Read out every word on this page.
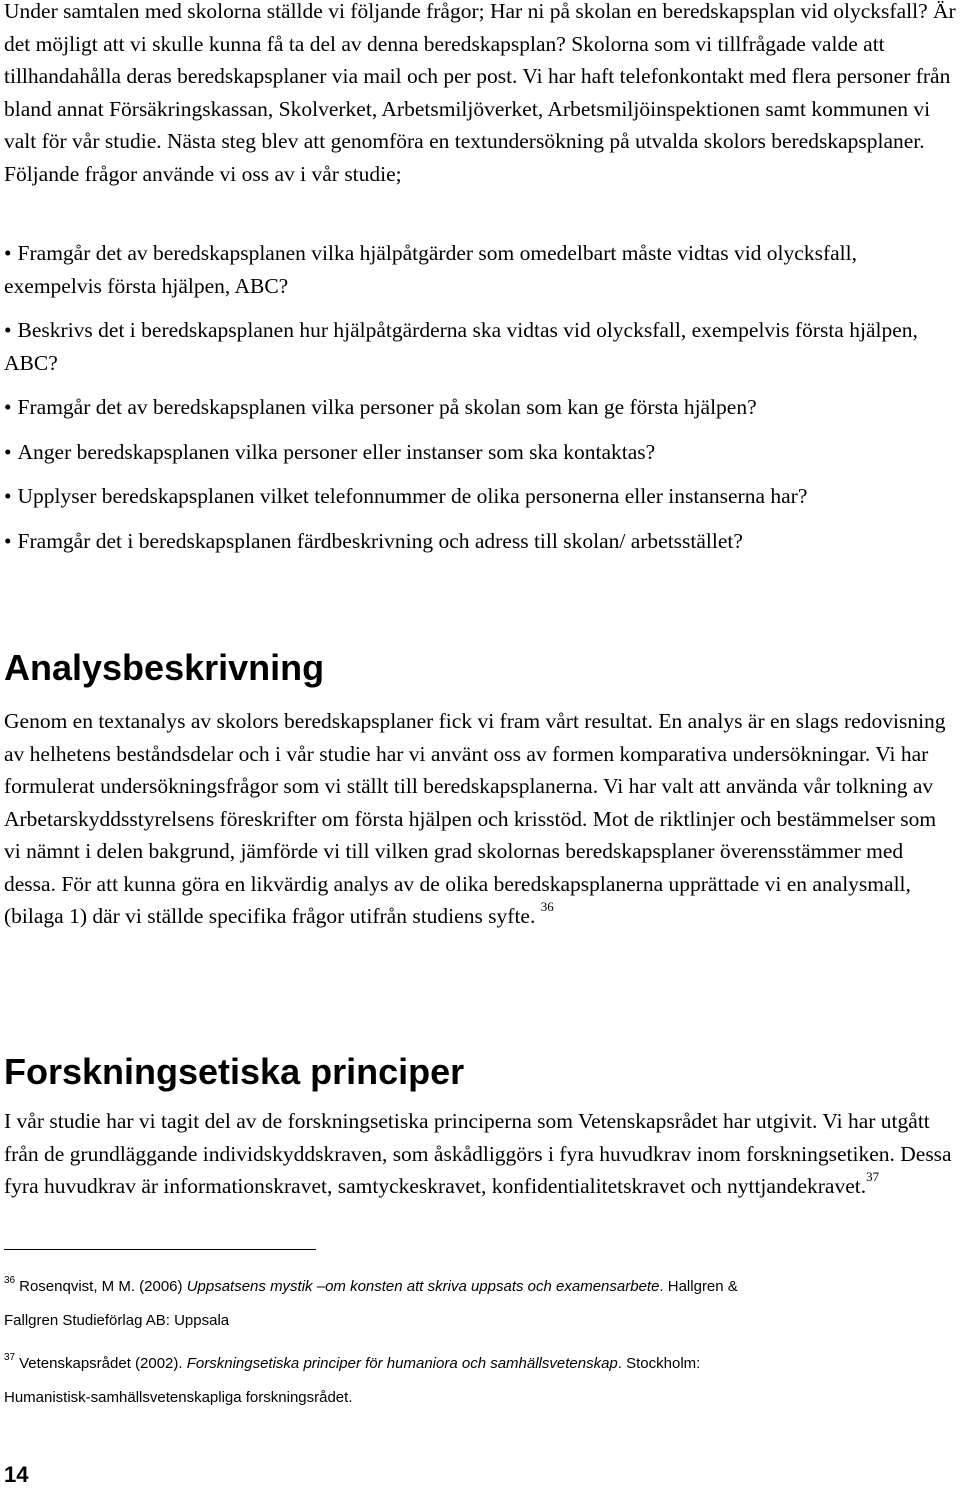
Under samtalen med skolorna ställde vi följande frågor; Har ni på skolan en beredskapsplan vid olycksfall? Är det möjligt att vi skulle kunna få ta del av denna beredskapsplan? Skolorna som vi tillfrågade valde att tillhandahålla deras beredskapsplaner via mail och per post. Vi har haft telefonkontakt med flera personer från bland annat Försäkringskassan, Skolverket, Arbetsmiljöverket, Arbetsmiljöinspektionen samt kommunen vi valt för vår studie. Nästa steg blev att genomföra en textundersökning på utvalda skolors beredskapsplaner. Följande frågor använde vi oss av i vår studie;

• Framgår det av beredskapsplanen vilka hjälpåtgärder som omedelbart måste vidtas vid olycksfall, exempelvis första hjälpen, ABC?

• Beskrivs det i beredskapsplanen hur hjälpåtgärderna ska vidtas vid olycksfall, exempelvis första hjälpen, ABC?

• Framgår det av beredskapsplanen vilka personer på skolan som kan ge första hjälpen?

• Anger beredskapsplanen vilka personer eller instanser som ska kontaktas?

• Upplyser beredskapsplanen vilket telefonnummer de olika personerna eller instanserna har?

• Framgår det i beredskapsplanen färdbeskrivning och adress till skolan/ arbetsstället?

Analysbeskrivning

Genom en textanalys av skolors beredskapsplaner fick vi fram vårt resultat. En analys är en slags redovisning av helhetens beståndsdelar och i vår studie har vi använt oss av formen komparativa undersökningar. Vi har formulerat undersökningsfrågor som vi ställt till beredskapsplanerna. Vi har valt att använda vår tolkning av Arbetarskyddsstyrelsens föreskrifter om första hjälpen och krisstöd. Mot de riktlinjer och bestämmelser som vi nämnt i delen bakgrund, jämförde vi till vilken grad skolornas beredskapsplaner överensstämmer med dessa. För att kunna göra en likvärdig analys av de olika beredskapsplanerna upprättade vi en analysmall, (bilaga 1) där vi ställde specifika frågor utifrån studiens syfte. $^{36}$

Forskningsetiska principer

I vår studie har vi tagit del av de forskningsetiska principerna som Vetenskapsrådet har utgivit. Vi har utgått från de grundläggande individskyddskraven, som åskådliggörs i fyra huvudkrav inom forskningsetiken. Dessa fyra huvudkrav är informationskravet, samtyckeskravet, konfidentialitetskravet och nyttjandekravet.$^{37}$

$^{36}$ Rosenqvist, M M. (2006) Uppsatsens mystik –om konsten att skriva uppsats och examensarbete. Hallgren &
Fallgren Studieförlag AB: Uppsala

$^{37}$ Vetenskapsrådet (2002). Forskningsetiska principer för humaniora och samhällsvetenskap. Stockholm:
Humanistisk-samhällsvetenskapliga forskningsrådet.

14
